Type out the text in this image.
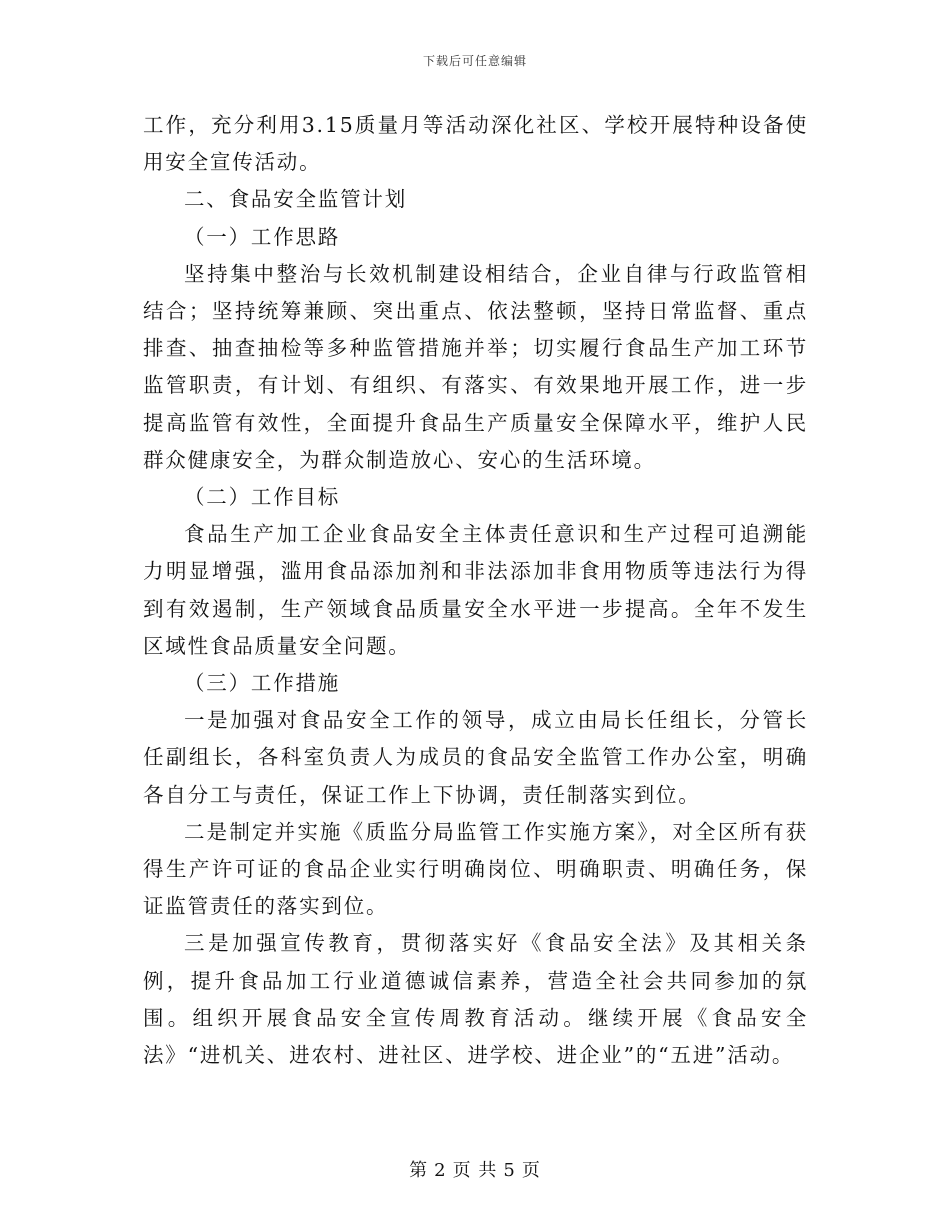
下载后可任意编辑

工作，充分利用3.15质量月等活动深化社区、学校开展特种设备使用安全宣传活动。

二、食品安全监管计划

（一）工作思路

坚持集中整治与长效机制建设相结合，企业自律与行政监管相结合；坚持统筹兼顾、突出重点、依法整顿，坚持日常监督、重点排查、抽查抽检等多种监管措施并举；切实履行食品生产加工环节监管职责，有计划、有组织、有落实、有效果地开展工作，进一步提高监管有效性，全面提升食品生产质量安全保障水平，维护人民群众健康安全，为群众制造放心、安心的生活环境。

（二）工作目标

食品生产加工企业食品安全主体责任意识和生产过程可追溯能力明显增强，滥用食品添加剂和非法添加非食用物质等违法行为得到有效遏制，生产领域食品质量安全水平进一步提高。全年不发生区域性食品质量安全问题。

（三）工作措施

一是加强对食品安全工作的领导，成立由局长任组长，分管长任副组长，各科室负责人为成员的食品安全监管工作办公室，明确各自分工与责任，保证工作上下协调，责任制落实到位。

二是制定并实施《质监分局监管工作实施方案》，对全区所有获得生产许可证的食品企业实行明确岗位、明确职责、明确任务，保证监管责任的落实到位。

三是加强宣传教育，贯彻落实好《食品安全法》及其相关条例，提升食品加工行业道德诚信素养，营造全社会共同参加的氛围。组织开展食品安全宣传周教育活动。继续开展《食品安全法》“进机关、进农村、进社区、进学校、进企业”的“五进”活动。

第 2 页 共 5 页
